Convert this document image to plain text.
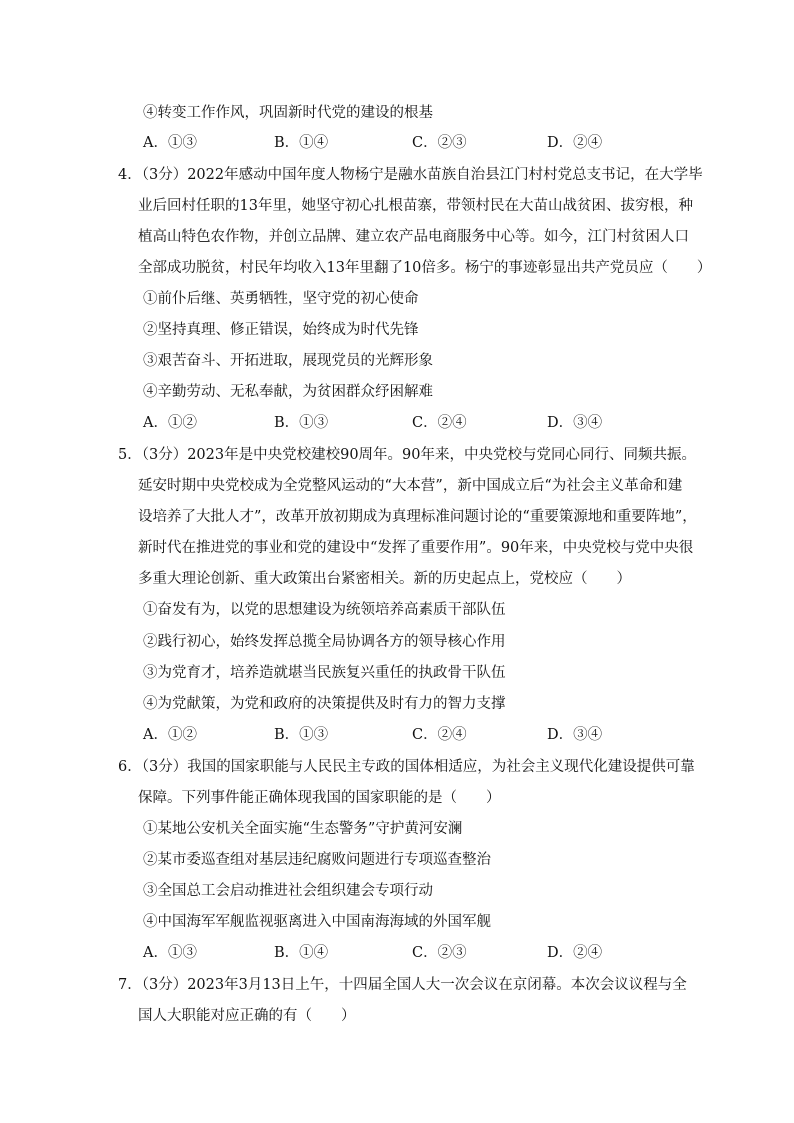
④转变工作作风，巩固新时代党的建设的根基
A．①③	B．①④	C．②③	D．②④
4．（3分）2022年感动中国年度人物杨宁是融水苗族自治县江门村村党总支书记，在大学毕
业后回村任职的13年里，她坚守初心扎根苗寨，带领村民在大苗山战贫困、拔穷根，种
植高山特色农作物，并创立品牌、建立农产品电商服务中心等。如今，江门村贫困人口
全部成功脱贫，村民年均收入13年里翻了10倍多。杨宁的事迹彰显出共产党员应（　　）
①前仆后继、英勇牺牲，坚守党的初心使命
②坚持真理、修正错误，始终成为时代先锋
③艰苦奋斗、开拓进取，展现党员的光辉形象
④辛勤劳动、无私奉献，为贫困群众纾困解难
A．①②	B．①③	C．②④	D．③④
5．（3分）2023年是中央党校建校90周年。90年来，中央党校与党同心同行、同频共振。
延安时期中央党校成为全党整风运动的“大本营”，新中国成立后“为社会主义革命和建
设培养了大批人才”，改革开放初期成为真理标准问题讨论的“重要策源地和重要阵地”，
新时代在推进党的事业和党的建设中“发挥了重要作用”。90年来，中央党校与党中央很
多重大理论创新、重大政策出台紧密相关。新的历史起点上，党校应（　　）
①奋发有为，以党的思想建设为统领培养高素质干部队伍
②践行初心，始终发挥总揽全局协调各方的领导核心作用
③为党育才，培养造就堪当民族复兴重任的执政骨干队伍
④为党献策，为党和政府的决策提供及时有力的智力支撑
A．①②	B．①③	C．②④	D．③④
6．（3分）我国的国家职能与人民民主专政的国体相适应，为社会主义现代化建设提供可靠
保障。下列事件能正确体现我国的国家职能的是（　　）
①某地公安机关全面实施“生态警务”守护黄河安澜
②某市委巡查组对基层违纪腐败问题进行专项巡查整治
③全国总工会启动推进社会组织建会专项行动
④中国海军军舰监视驱离进入中国南海海域的外国军舰
A．①③	B．①④	C．②③	D．②④
7．（3分）2023年3月13日上午，十四届全国人大一次会议在京闭幕。本次会议议程与全
国人大职能对应正确的有（　　）
